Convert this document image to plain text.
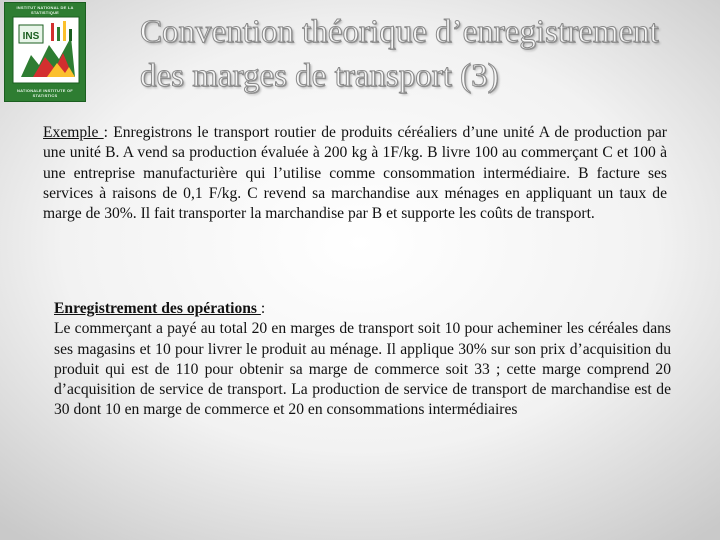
INSTITUT NATIONAL DE LA STATISTIQUE
INS
NATIONALE INSTITUTE OF STATISTICS
Convention théorique d’enregistrement
des marges de transport (3)
Exemple : Enregistrons le transport routier de produits céréaliers d’une unité A de production par une unité B. A vend sa production évaluée à 200 kg à 1F/kg. B livre 100 au commerçant C et 100 à une entreprise manufacturière qui l’utilise comme consommation intermédiaire. B facture ses services à raisons de 0,1 F/kg. C revend sa marchandise aux ménages en appliquant un taux de marge de 30%. Il fait transporter la marchandise par B et supporte les coûts de transport.
Enregistrement des opérations :
Le commerçant a payé au total 20 en marges de transport soit 10 pour acheminer les céréales dans ses magasins et 10 pour livrer le produit au ménage. Il applique 30% sur son prix d’acquisition du produit qui est de 110 pour obtenir sa marge de commerce soit 33 ; cette marge comprend 20 d’acquisition de service de transport. La production de service de transport de marchandise est de 30 dont 10 en marge de commerce et 20 en consommations intermédiaires
